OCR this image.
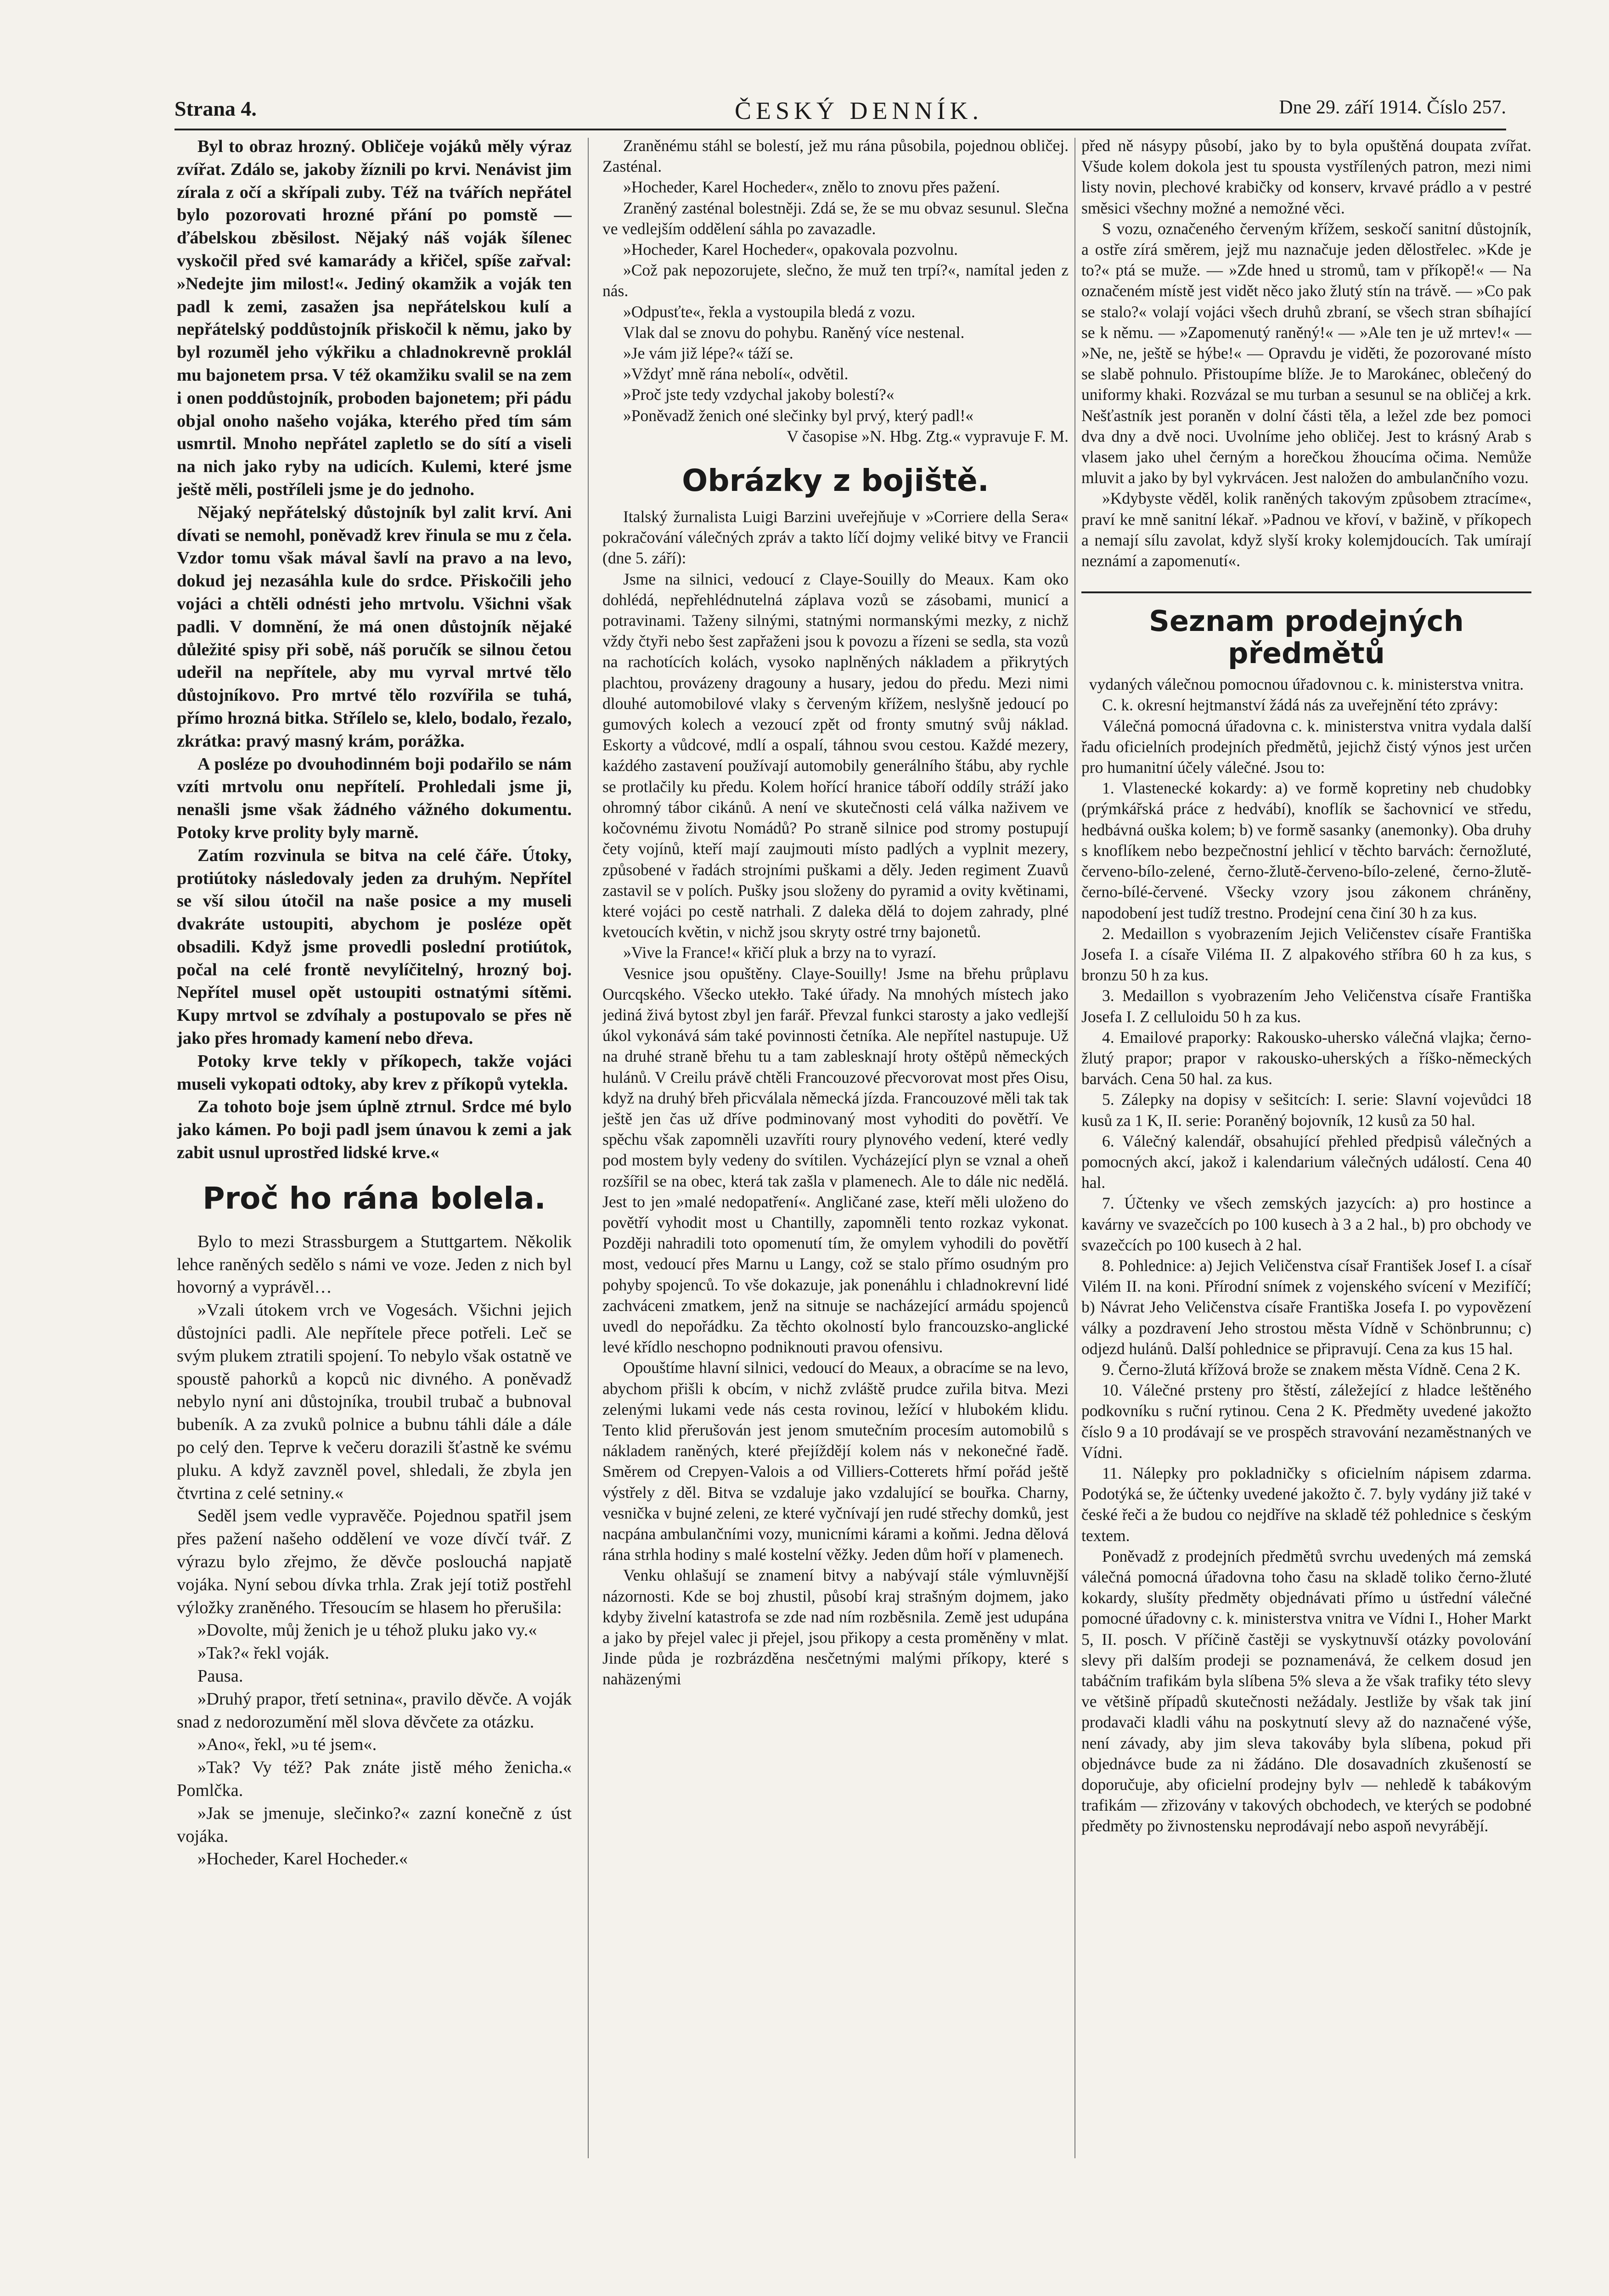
Strana 4.	ČESKÝ DENNÍK.	Dne 29. září 1914. Číslo 257.

Byl to obraz hrozný. Obličeje vojáků měly výraz zvířat. Zdálo se, jakoby žíznili po krvi. Nenávist jim zírala z očí a skřípali zuby. Též na tvářích nepřátel bylo pozorovati hrozné přání po pomstě — ďábelskou zběsilost. Nějaký náš voják šílenec vyskočil před své kamarády a křičel, spíše zařval: »Nedejte jim milost!«. Jediný okamžik a voják ten padl k zemi, zasažen jsa nepřátelskou kulí a nepřátelský poddůstojník přiskočil k němu, jako by byl rozuměl jeho výkřiku a chladnokrevně proklál mu bajonetem prsa. V též okamžiku svalil se na zem i onen poddůstojník, proboden bajonetem; při pádu objal onoho našeho vojáka, kterého před tím sám usmrtil. Mnoho nepřátel zapletlo se do sítí a viseli na nich jako ryby na udicích. Kulemi, které jsme ještě měli, postříleli jsme je do jednoho.

Nějaký nepřátelský důstojník byl zalit krví. Ani dívati se nemohl, poněvadž krev řinula se mu z čela. Vzdor tomu však mával šavlí na pravo a na levo, dokud jej nezasáhla kule do srdce. Přiskočili jeho vojáci a chtěli odnésti jeho mrtvolu. Všichni však padli. V domnění, že má onen důstojník nějaké důležité spisy při sobě, náš poručík se silnou četou udeřil na nepřítele, aby mu vyrval mrtvé tělo důstojníkovo. Pro mrtvé tělo rozvířila se tuhá, přímo hrozná bitka. Střílelo se, klelo, bodalo, řezalo, zkrátka: pravý masný krám, porážka.

A posléze po dvouhodinném boji podařilo se nám vzíti mrtvolu onu nepřítelí. Prohledali jsme ji, nenašli jsme však žádného vážného dokumentu. Potoky krve prolity byly marně.

Zatím rozvinula se bitva na celé čáře. Útoky, protiútoky následovaly jeden za druhým. Nepřítel se vší silou útočil na naše posice a my museli dvakráte ustoupiti, abychom je posléze opět obsadili. Když jsme provedli poslední protiútok, počal na celé frontě nevylíčitelný, hrozný boj. Nepřítel musel opět ustoupiti ostnatými sítěmi. Kupy mrtvol se zdvíhaly a postupovalo se přes ně jako přes hromady kamení nebo dřeva.

Potoky krve tekly v příkopech, takže vojáci museli vykopati odtoky, aby krev z příkopů vytekla.

Za tohoto boje jsem úplně ztrnul. Srdce mé bylo jako kámen. Po boji padl jsem únavou k zemi a jak zabit usnul uprostřed lidské krve.«

Proč ho rána bolela.

Bylo to mezi Strassburgem a Stuttgartem. Několik lehce raněných sedělo s námi ve voze. Jeden z nich byl hovorný a vyprávěl…

»Vzali útokem vrch ve Vogesách. Všichni jejich důstojníci padli. Ale nepřítele přece potřeli. Leč se svým plukem ztratili spojení. To nebylo však ostatně ve spoustě pahorků a kopců nic divného. A poněvadž nebylo nyní ani důstojníka, troubil trubač a bubnoval bubeník. A za zvuků polnice a bubnu táhli dále a dále po celý den. Teprve k večeru dorazili šťastně ke svému pluku. A když zavzněl povel, shledali, že zbyla jen čtvrtina z celé setniny.«

Seděl jsem vedle vypravěče. Pojednou spatřil jsem přes pažení našeho oddělení ve voze dívčí tvář. Z výrazu bylo zřejmo, že děvče poslouchá napjatě vojáka. Nyní sebou dívka trhla. Zrak její totiž postřehl výložky zraněného. Třesoucím se hlasem ho přerušila:

»Dovolte, můj ženich je u téhož pluku jako vy.«

»Tak?« řekl voják.

Pausa.

»Druhý prapor, třetí setnina«, pravilo děvče. A voják snad z nedorozumění měl slova děvčete za otázku.

»Ano«, řekl, »u té jsem«.

»Tak? Vy též? Pak znáte jistě mého ženicha.« Pomlčka.

»Jak se jmenuje, slečinko?« zazní konečně z úst vojáka.

»Hocheder, Karel Hocheder.«

Zraněnému stáhl se bolestí, jež mu rána působila, pojednou obličej. Zasténal.

»Hocheder, Karel Hocheder«, znělo to znovu přes pažení.

Zraněný zasténal bolestněji. Zdá se, že se mu obvaz sesunul. Slečna ve vedlejším oddělení sáhla po zavazadle.

»Hocheder, Karel Hocheder«, opakovala pozvolnu.

»Což pak nepozorujete, slečno, že muž ten trpí?«, namítal jeden z nás.

»Odpusťte«, řekla a vystoupila bledá z vozu.

Vlak dal se znovu do pohybu. Raněný více nestenal.

»Je vám již lépe?« táží se.

»Vždyť mně rána nebolí«, odvětil.

»Proč jste tedy vzdychal jakoby bolestí?«

»Poněvadž ženich oné slečinky byl prvý, který padl!«

V časopise »N. Hbg. Ztg.« vypravuje F. M.

Obrázky z bojiště.

Italský žurnalista Luigi Barzini uveřejňuje v »Corriere della Sera« pokračování válečných zpráv a takto líčí dojmy veliké bitvy ve Francii (dne 5. září):

Jsme na silnici, vedoucí z Claye-Souilly do Meaux. Kam oko dohlédá, nepřehlédnutelná záplava vozů se zásobami, municí a potravinami. Taženy silnými, statnými normanskými mezky, z nichž vždy čtyři nebo šest zapřaženi jsou k povozu a řízeni se sedla, sta vozů na rachotících kolách, vysoko naplněných nákladem a přikrytých plachtou, provázeny dragouny a husary, jedou do předu. Mezi nimi dlouhé automobilové vlaky s červeným křížem, neslyšně jedoucí po gumových kolech a vezoucí zpět od fronty smutný svůj náklad. Eskorty a vůdcové, mdlí a ospalí, táhnou svou cestou. Každé mezery, kaźdého zastavení používají automobily generálního štábu, aby rychle se protlačily ku předu. Kolem hořící hranice táboří oddíly stráží jako ohromný tábor cikánů. A není ve skutečnosti celá válka naživem ve kočovnému životu Nomádů? Po straně silnice pod stromy postupují čety vojínů, kteří mají zaujmouti místo padlých a vyplnit mezery, způsobené v řadách strojními puškami a děly. Jeden regiment Zuavů zastavil se v polích. Pušky jsou složeny do pyramid a ovity květinami, které vojáci po cestě natrhali. Z daleka dělá to dojem zahrady, plné kvetoucích květin, v nichž jsou skryty ostré trny bajonetů.

»Vive la France!« křičí pluk a brzy na to vyrazí.

Vesnice jsou opuštěny. Claye-Souilly! Jsme na břehu průplavu Ourcqského. Všecko utekło. Také úřady. Na mnohých místech jako jediná živá bytost zbyl jen farář. Převzal funkci starosty a jako vedlejší úkol vykonává sám také povinnosti četníka. Ale nepřítel nastupuje. Už na druhé straně břehu tu a tam zablesknají hroty oštěpů německých hulánů. V Creilu právě chtěli Francouzové přecvorovat most přes Oisu, když na druhý břeh přicválala německá jízda. Francouzové měli tak tak ještě jen čas už dříve podminovaný most vyhoditi do povětří. Ve spěchu však zapomněli uzavříti roury plynového vedení, které vedly pod mostem byly vedeny do svítilen. Vycházející plyn se vznal a oheň rozšířil se na obec, která tak zašla v plamenech. Ale to dále nic nedělá. Jest to jen »malé nedopatření«. Angličané zase, kteří měli uloženo do povětří vyhodit most u Chantilly, zapomněli tento rozkaz vykonat. Později nahradili toto opomenutí tím, že omylem vyhodili do povětří most, vedoucí přes Marnu u Langy, což se stalo přímo osudným pro pohyby spojenců. To vše dokazuje, jak ponenáhlu i chladnokrevní lidé zachváceni zmatkem, jenž na sitnuje se nacházející armádu spojenců uvedl do nepořádku. Za těchto okolností bylo francouzsko-anglické levé křídlo neschopno podniknouti pravou ofensivu.

Opouštíme hlavní silnici, vedoucí do Meaux, a obracíme se na levo, abychom přišli k obcím, v nichž zvláště prudce zuřila bitva. Mezi zelenými lukami vede nás cesta rovinou, ležící v hlubokém klidu. Tento klid přerušován jest jenom smutečním procesím automobilů s nákladem raněných, které přejíždějí kolem nás v nekonečné řadě. Směrem od Crepyen-Valois a od Villiers-Cotterets hřmí pořád ještě výstřely z děl. Bitva se vzdaluje jako vzdalující se bouřka. Charny, vesnička v bujné zeleni, ze které vyčnívají jen rudé střechy domků, jest nacpána ambulančními vozy, municními kárami a koňmi. Jedna dělová rána strhla hodiny s malé kostelní věžky. Jeden dům hoří v plamenech.

Venku ohlašují se znamení bitvy a nabývají stále výmluvnější názornosti. Kde se boj zhustil, působí kraj strašným dojmem, jako kdyby živelní katastrofa se zde nad ním rozběsnila. Země jest udupána a jako by přejel valec ji přejel, jsou přikopy a cesta proměněny v mlat. Jinde půda je rozbrázděna nesčetnými malými příkopy, které s nahäzenými

před ně násypy působí, jako by to byla opuštěná doupata zvířat. Všude kolem dokola jest tu spousta vystřílených patron, mezi nimi listy novin, plechové krabičky od konserv, krvavé prádlo a v pestré směsici všechny možné a nemožné věci.

S vozu, označeného červeným křížem, seskočí sanitní důstojník, a ostře zírá směrem, jejž mu naznačuje jeden dělostřelec. »Kde je to?« ptá se muže. — »Zde hned u stromů, tam v příkopě!« — Na označeném místě jest vidět něco jako žlutý stín na trávě. — »Co pak se stalo?« volají vojáci všech druhů zbraní, se všech stran sbíhající se k němu. — »Zapomenutý raněný!« — »Ale ten je už mrtev!« — »Ne, ne, ještě se hýbe!« — Opravdu je viděti, že pozorované místo se slabě pohnulo. Přistoupíme blíže. Je to Marokánec, oblečený do uniformy khaki. Rozvázal se mu turban a sesunul se na obličej a krk. Nešťastník jest poraněn v dolní části těla, a ležel zde bez pomoci dva dny a dvě noci. Uvolníme jeho obličej. Jest to krásný Arab s vlasem jako uhel černým a horečkou žhoucíma očima. Nemůže mluvit a jako by byl vykrvácen. Jest naložen do ambulančního vozu.

»Kdybyste věděl, kolik raněných takovým způsobem ztracíme«, praví ke mně sanitní lékař. »Padnou ve křoví, v bažině, v příkopech a nemají sílu zavolat, když slyší kroky kolemjdoucích. Tak umírají neznámí a zapomenutí«.

Seznam prodejných předmětů

vydaných válečnou pomocnou úřadovnou c. k. ministerstva vnitra.

C. k. okresní hejtmanství žádá nás za uveřejnění této zprávy:

Válečná pomocná úřadovna c. k. ministerstva vnitra vydala další řadu oficielních prodejních předmětů, jejichž čistý výnos jest určen pro humanitní účely válečné. Jsou to:

1. Vlastenecké kokardy: a) ve formě kopretiny neb chudobky (prýmkářská práce z hedvábí), knoflík se šachovnicí ve středu, hedbávná ouška kolem; b) ve formě sasanky (anemonky). Oba druhy s knoflíkem nebo bezpečnostní jehlicí v těchto barvách: černožluté, červeno-bílo-zelené, černo-žlutě-červeno-bílo-zelené, černo-žlutě-černo-bílé-červené. Všecky vzory jsou zákonem chráněny, napodobení jest tudíž trestno. Prodejní cena činí 30 h za kus.

2. Medaillon s vyobrazením Jejich Veličenstev císaře Františka Josefa I. a císaře Viléma II. Z alpakového stříbra 60 h za kus, s bronzu 50 h za kus.

3. Medaillon s vyobrazením Jeho Veličenstva císaře Františka Josefa I. Z celluloidu 50 h za kus.

4. Emailové praporky: Rakousko-uhersko válečná vlajka; černo-žlutý prapor; prapor v rakousko-uherských a říško-německých barvách. Cena 50 hal. za kus.

5. Zálepky na dopisy v sešitcích: I. serie: Slavní vojevůdci 18 kusů za 1 K, II. serie: Poraněný bojovník, 12 kusů za 50 hal.

6. Válečný kalendář, obsahující přehled předpisů válečných a pomocných akcí, jakož i kalendarium válečných událostí. Cena 40 hal.

7. Účtenky ve všech zemských jazycích: a) pro hostince a kavárny ve svazečcích po 100 kusech à 3 a 2 hal., b) pro obchody ve svazečcích po 100 kusech à 2 hal.

8. Pohlednice: a) Jejich Veličenstva císař František Josef I. a císař Vilém II. na koni. Přírodní snímek z vojenského svícení v Mezifíčí; b) Návrat Jeho Veličenstva císaře Františka Josefa I. po vypovězení války a pozdravení Jeho strostou města Vídně v Schönbrunnu; c) odjezd hulánů. Další pohlednice se připravují. Cena za kus 15 hal.

9. Černo-žlutá křížová brože se znakem města Vídně. Cena 2 K.

10. Válečné prsteny pro štěstí, záležející z hladce leštěného podkovníku s ruční rytinou. Cena 2 K. Předměty uvedené jakožto číslo 9 a 10 prodávají se ve prospěch stravování nezaměstnaných ve Vídni.

11. Nálepky pro pokladničky s oficielním nápisem zdarma. Podotýká se, že účtenky uvedené jakožto č. 7. byly vydány již také v české řeči a že budou co nejdříve na skladě též pohlednice s českým textem.

Poněvadž z prodejních předmětů svrchu uvedených má zemská válečná pomocná úřadovna toho času na skladě toliko černo-žluté kokardy, slušíty předměty objednávati přímo u ústřední válečné pomocné úřadovny c. k. ministerstva vnitra ve Vídni I., Hoher Markt 5, II. posch. V příčině častěji se vyskytnuvší otázky povolování slevy při dalším prodeji se poznamenává, že celkem dosud jen tabáčním trafikám byla slíbena 5% sleva a že však trafiky této slevy ve většině případů skutečnosti nežádaly. Jestliže by však tak jiní prodavači kladli váhu na poskytnutí slevy až do naznačené výše, není závady, aby jim sleva takováby byla slíbena, pokud při objednávce bude za ni žádáno. Dle dosavadních zkušeností se doporučuje, aby oficielní prodejny bylv — nehledě k tabákovým trafikám — zřizovány v takových obchodech, ve kterých se podobné předměty po živnostensku neprodávají nebo aspoň nevyrábějí.
